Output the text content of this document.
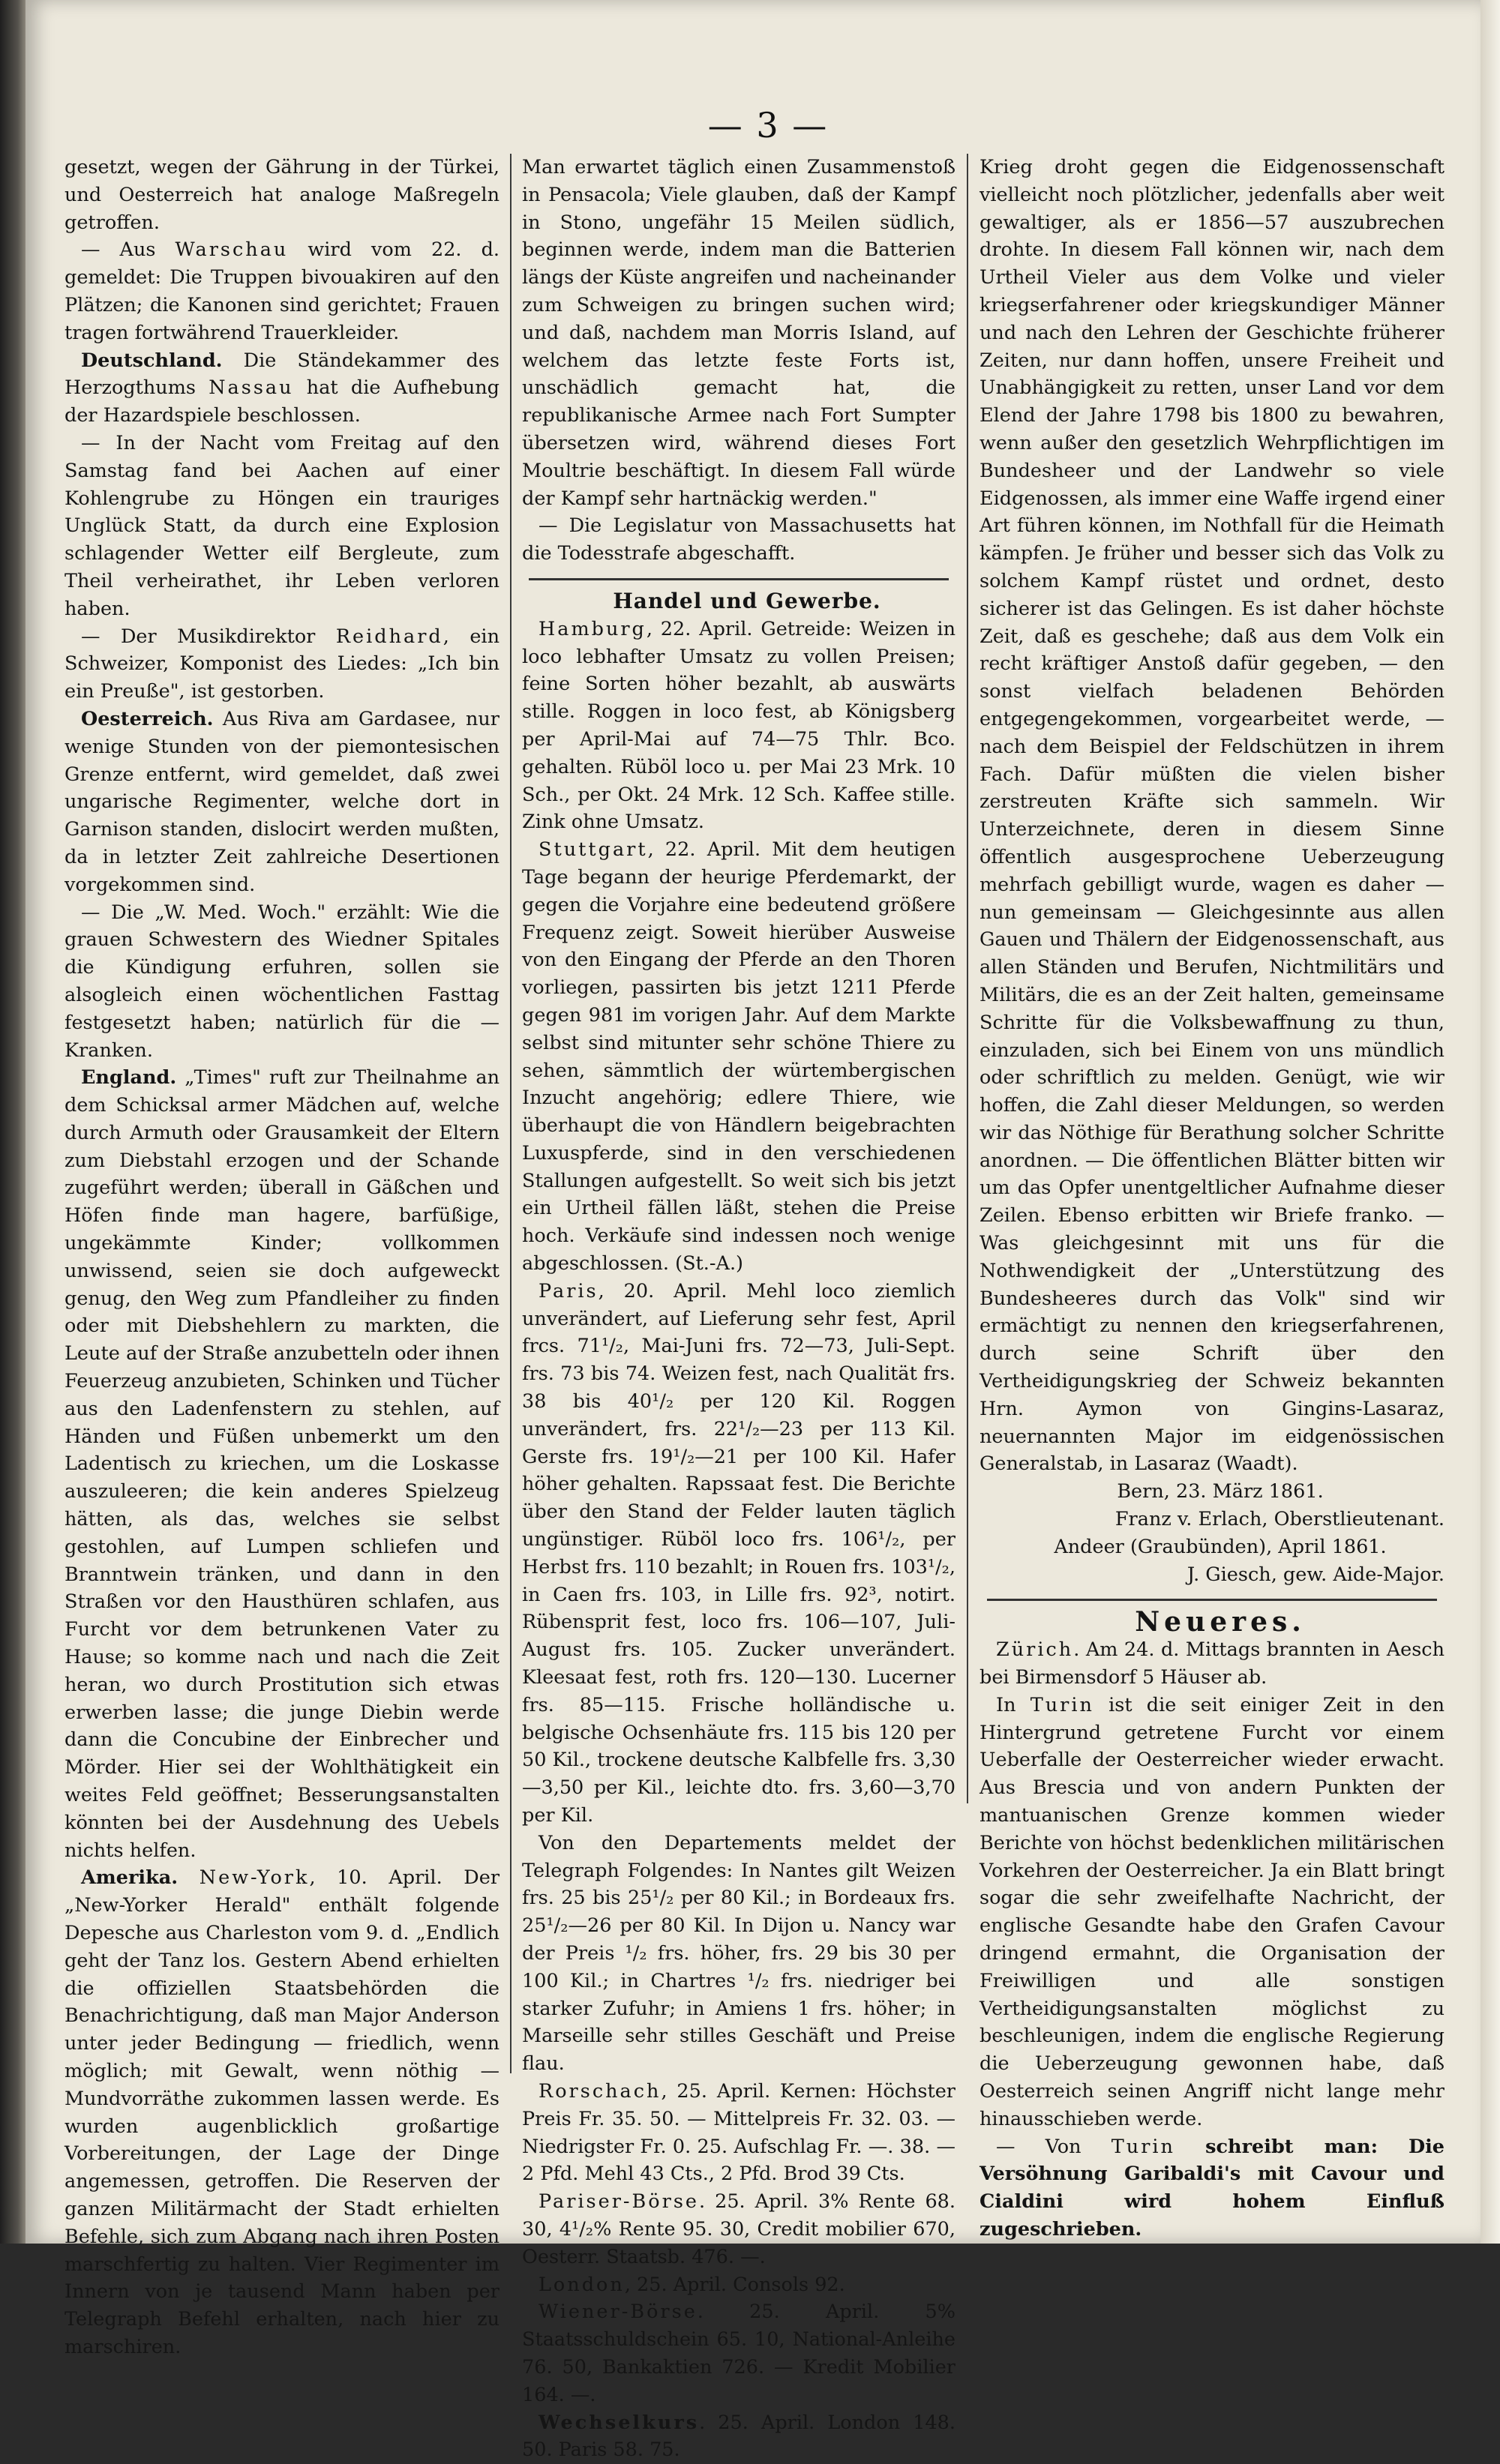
— 3 —

gesetzt, wegen der Gährung in der Türkei, und Oesterreich hat analoge Maßregeln getroffen.

— Aus Warschau wird vom 22. d. gemeldet: Die Truppen bivouakiren auf den Plätzen; die Kanonen sind gerichtet; Frauen tragen fortwährend Trauerkleider.

Deutschland. Die Ständekammer des Herzogthums Nassau hat die Aufhebung der Hazardspiele beschlossen.

— In der Nacht vom Freitag auf den Samstag fand bei Aachen auf einer Kohlengrube zu Höngen ein trauriges Unglück Statt, da durch eine Explosion schlagender Wetter eilf Bergleute, zum Theil verheirathet, ihr Leben verloren haben.

— Der Musikdirektor Reidhard, ein Schweizer, Komponist des Liedes: „Ich bin ein Preuße", ist gestorben.

Oesterreich. Aus Riva am Gardasee, nur wenige Stunden von der piemontesischen Grenze entfernt, wird gemeldet, daß zwei ungarische Regimenter, welche dort in Garnison standen, dislocirt werden mußten, da in letzter Zeit zahlreiche Desertionen vorgekommen sind.

— Die „W. Med. Woch." erzählt: Wie die grauen Schwestern des Wiedner Spitales die Kündigung erfuhren, sollen sie alsogleich einen wöchentlichen Fasttag festgesetzt haben; natürlich für die — Kranken.

England. „Times" ruft zur Theilnahme an dem Schicksal armer Mädchen auf, welche durch Armuth oder Grausamkeit der Eltern zum Diebstahl erzogen und der Schande zugeführt werden; überall in Gäßchen und Höfen finde man hagere, barfüßige, ungekämmte Kinder; vollkommen unwissend, seien sie doch aufgeweckt genug, den Weg zum Pfandleiher zu finden oder mit Diebshehlern zu markten, die Leute auf der Straße anzubetteln oder ihnen Feuerzeug anzubieten, Schinken und Tücher aus den Ladenfenstern zu stehlen, auf Händen und Füßen unbemerkt um den Ladentisch zu kriechen, um die Loskasse auszuleeren; die kein anderes Spielzeug hätten, als das, welches sie selbst gestohlen, auf Lumpen schliefen und Branntwein tränken, und dann in den Straßen vor den Hausthüren schlafen, aus Furcht vor dem betrunkenen Vater zu Hause; so komme nach und nach die Zeit heran, wo durch Prostitution sich etwas erwerben lasse; die junge Diebin werde dann die Concubine der Einbrecher und Mörder. Hier sei der Wohlthätigkeit ein weites Feld geöffnet; Besserungsanstalten könnten bei der Ausdehnung des Uebels nichts helfen.

Amerika. New-York, 10. April. Der „New-Yorker Herald" enthält folgende Depesche aus Charleston vom 9. d. „Endlich geht der Tanz los. Gestern Abend erhielten die offiziellen Staatsbehörden die Benachrichtigung, daß man Major Anderson unter jeder Bedingung — friedlich, wenn möglich; mit Gewalt, wenn nöthig — Mundvorräthe zukommen lassen werde. Es wurden augenblicklich großartige Vorbereitungen, der Lage der Dinge angemessen, getroffen. Die Reserven der ganzen Militärmacht der Stadt erhielten Befehle, sich zum Abgang nach ihren Posten marschfertig zu halten. Vier Regimenter im Innern von je tausend Mann haben per Telegraph Befehl erhalten, nach hier zu marschiren.

Man erwartet täglich einen Zusammenstoß in Pensacola; Viele glauben, daß der Kampf in Stono, ungefähr 15 Meilen südlich, beginnen werde, indem man die Batterien längs der Küste angreifen und nacheinander zum Schweigen zu bringen suchen wird; und daß, nachdem man Morris Island, auf welchem das letzte feste Forts ist, unschädlich gemacht hat, die republikanische Armee nach Fort Sumpter übersetzen wird, während dieses Fort Moultrie beschäftigt. In diesem Fall würde der Kampf sehr hartnäckig werden."

— Die Legislatur von Massachusetts hat die Todesstrafe abgeschafft.

Handel und Gewerbe.

Hamburg, 22. April. Getreide: Weizen in loco lebhafter Umsatz zu vollen Preisen; feine Sorten höher bezahlt, ab auswärts stille. Roggen in loco fest, ab Königsberg per April-Mai auf 74—75 Thlr. Bco. gehalten. Rüböl loco u. per Mai 23 Mrk. 10 Sch., per Okt. 24 Mrk. 12 Sch. Kaffee stille. Zink ohne Umsatz.

Stuttgart, 22. April. Mit dem heutigen Tage begann der heurige Pferdemarkt, der gegen die Vorjahre eine bedeutend größere Frequenz zeigt. Soweit hierüber Ausweise von den Eingang der Pferde an den Thoren vorliegen, passirten bis jetzt 1211 Pferde gegen 981 im vorigen Jahr. Auf dem Markte selbst sind mitunter sehr schöne Thiere zu sehen, sämmtlich der würtembergischen Inzucht angehörig; edlere Thiere, wie überhaupt die von Händlern beigebrachten Luxuspferde, sind in den verschiedenen Stallungen aufgestellt. So weit sich bis jetzt ein Urtheil fällen läßt, stehen die Preise hoch. Verkäufe sind indessen noch wenige abgeschlossen. (St.-A.)

Paris, 20. April. Mehl loco ziemlich unverändert, auf Lieferung sehr fest, April frcs. 71¹/₂, Mai-Juni frs. 72—73, Juli-Sept. frs. 73 bis 74. Weizen fest, nach Qualität frs. 38 bis 40¹/₂ per 120 Kil. Roggen unverändert, frs. 22¹/₂—23 per 113 Kil. Gerste frs. 19¹/₂—21 per 100 Kil. Hafer höher gehalten. Rapssaat fest. Die Berichte über den Stand der Felder lauten täglich ungünstiger. Rüböl loco frs. 106¹/₂, per Herbst frs. 110 bezahlt; in Rouen frs. 103¹/₂, in Caen frs. 103, in Lille frs. 92³, notirt. Rübensprit fest, loco frs. 106—107, Juli-August frs. 105. Zucker unverändert. Kleesaat fest, roth frs. 120—130. Lucerner frs. 85—115. Frische holländische u. belgische Ochsenhäute frs. 115 bis 120 per 50 Kil., trockene deutsche Kalbfelle frs. 3,30—3,50 per Kil., leichte dto. frs. 3,60—3,70 per Kil.

Von den Departements meldet der Telegraph Folgendes: In Nantes gilt Weizen frs. 25 bis 25¹/₂ per 80 Kil.; in Bordeaux frs. 25¹/₂—26 per 80 Kil. In Dijon u. Nancy war der Preis ¹/₂ frs. höher, frs. 29 bis 30 per 100 Kil.; in Chartres ¹/₂ frs. niedriger bei starker Zufuhr; in Amiens 1 frs. höher; in Marseille sehr stilles Geschäft und Preise flau.

Rorschach, 25. April. Kernen: Höchster Preis Fr. 35. 50. — Mittelpreis Fr. 32. 03. — Niedrigster Fr. 0. 25. Aufschlag Fr. —. 38. — 2 Pfd. Mehl 43 Cts., 2 Pfd. Brod 39 Cts.

Pariser-Börse. 25. April. 3% Rente 68. 30, 4¹/₂% Rente 95. 30, Credit mobilier 670, Oesterr. Staatsb. 476. —.

London, 25. April. Consols 92.

Wiener-Börse. 25. April. 5% Staatsschuldschein 65. 10, National-Anleihe 76. 50, Bankaktien 726. — Kredit Mobilier 164. —.

Wechselkurs. 25. April. London 148. 50. Paris 58. 75.

Krieg droht gegen die Eidgenossenschaft vielleicht noch plötzlicher, jedenfalls aber weit gewaltiger, als er 1856—57 auszubrechen drohte. In diesem Fall können wir, nach dem Urtheil Vieler aus dem Volke und vieler kriegserfahrener oder kriegskundiger Männer und nach den Lehren der Geschichte früherer Zeiten, nur dann hoffen, unsere Freiheit und Unabhängigkeit zu retten, unser Land vor dem Elend der Jahre 1798 bis 1800 zu bewahren, wenn außer den gesetzlich Wehrpflichtigen im Bundesheer und der Landwehr so viele Eidgenossen, als immer eine Waffe irgend einer Art führen können, im Nothfall für die Heimath kämpfen. Je früher und besser sich das Volk zu solchem Kampf rüstet und ordnet, desto sicherer ist das Gelingen. Es ist daher höchste Zeit, daß es geschehe; daß aus dem Volk ein recht kräftiger Anstoß dafür gegeben, — den sonst vielfach beladenen Behörden entgegengekommen, vorgearbeitet werde, — nach dem Beispiel der Feldschützen in ihrem Fach. Dafür müßten die vielen bisher zerstreuten Kräfte sich sammeln. Wir Unterzeichnete, deren in diesem Sinne öffentlich ausgesprochene Ueberzeugung mehrfach gebilligt wurde, wagen es daher — nun gemeinsam — Gleichgesinnte aus allen Gauen und Thälern der Eidgenossenschaft, aus allen Ständen und Berufen, Nichtmilitärs und Militärs, die es an der Zeit halten, gemeinsame Schritte für die Volksbewaffnung zu thun, einzuladen, sich bei Einem von uns mündlich oder schriftlich zu melden. Genügt, wie wir hoffen, die Zahl dieser Meldungen, so werden wir das Nöthige für Berathung solcher Schritte anordnen. — Die öffentlichen Blätter bitten wir um das Opfer unentgeltlicher Aufnahme dieser Zeilen. Ebenso erbitten wir Briefe franko. — Was gleichgesinnt mit uns für die Nothwendigkeit der „Unterstützung des Bundesheeres durch das Volk" sind wir ermächtigt zu nennen den kriegserfahrenen, durch seine Schrift über den Vertheidigungskrieg der Schweiz bekannten Hrn. Aymon von Gingins-Lasaraz, neuernannten Major im eidgenössischen Generalstab, in Lasaraz (Waadt).

Bern, 23. März 1861.

Franz v. Erlach, Oberstlieutenant.

Andeer (Graubünden), April 1861.

J. Giesch, gew. Aide-Major.

Neueres.

Zürich. Am 24. d. Mittags brannten in Aesch bei Birmensdorf 5 Häuser ab.

In Turin ist die seit einiger Zeit in den Hintergrund getretene Furcht vor einem Ueberfalle der Oesterreicher wieder erwacht. Aus Brescia und von andern Punkten der mantuanischen Grenze kommen wieder Berichte von höchst bedenklichen militärischen Vorkehren der Oesterreicher. Ja ein Blatt bringt sogar die sehr zweifelhafte Nachricht, der englische Gesandte habe den Grafen Cavour dringend ermahnt, die Organisation der Freiwilligen und alle sonstigen Vertheidigungsanstalten möglichst zu beschleunigen, indem die englische Regierung die Ueberzeugung gewonnen habe, daß Oesterreich seinen Angriff nicht lange mehr hinausschieben werde.

— Von Turin schreibt man: Die Versöhnung Garibaldi's mit Cavour und Cialdini wird hohem Einfluß zugeschrieben.
